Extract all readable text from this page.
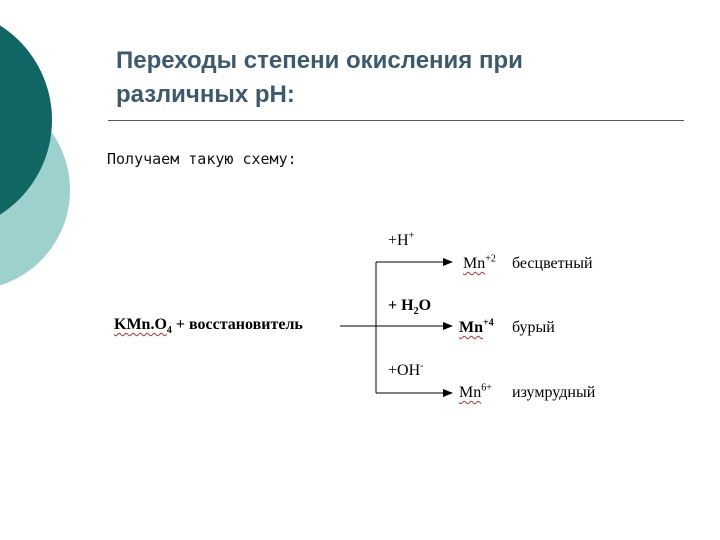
Переходы степени окисления при
различных рН:
Получаем такую схему:
$KMn.O_4$ + восстановитель
+H+
$Mn^{+2}$ бесцветный
+ $H_2O$
$Mn^{+4}$ бурый
+OH-
$Mn^{6+}$ изумрудный
